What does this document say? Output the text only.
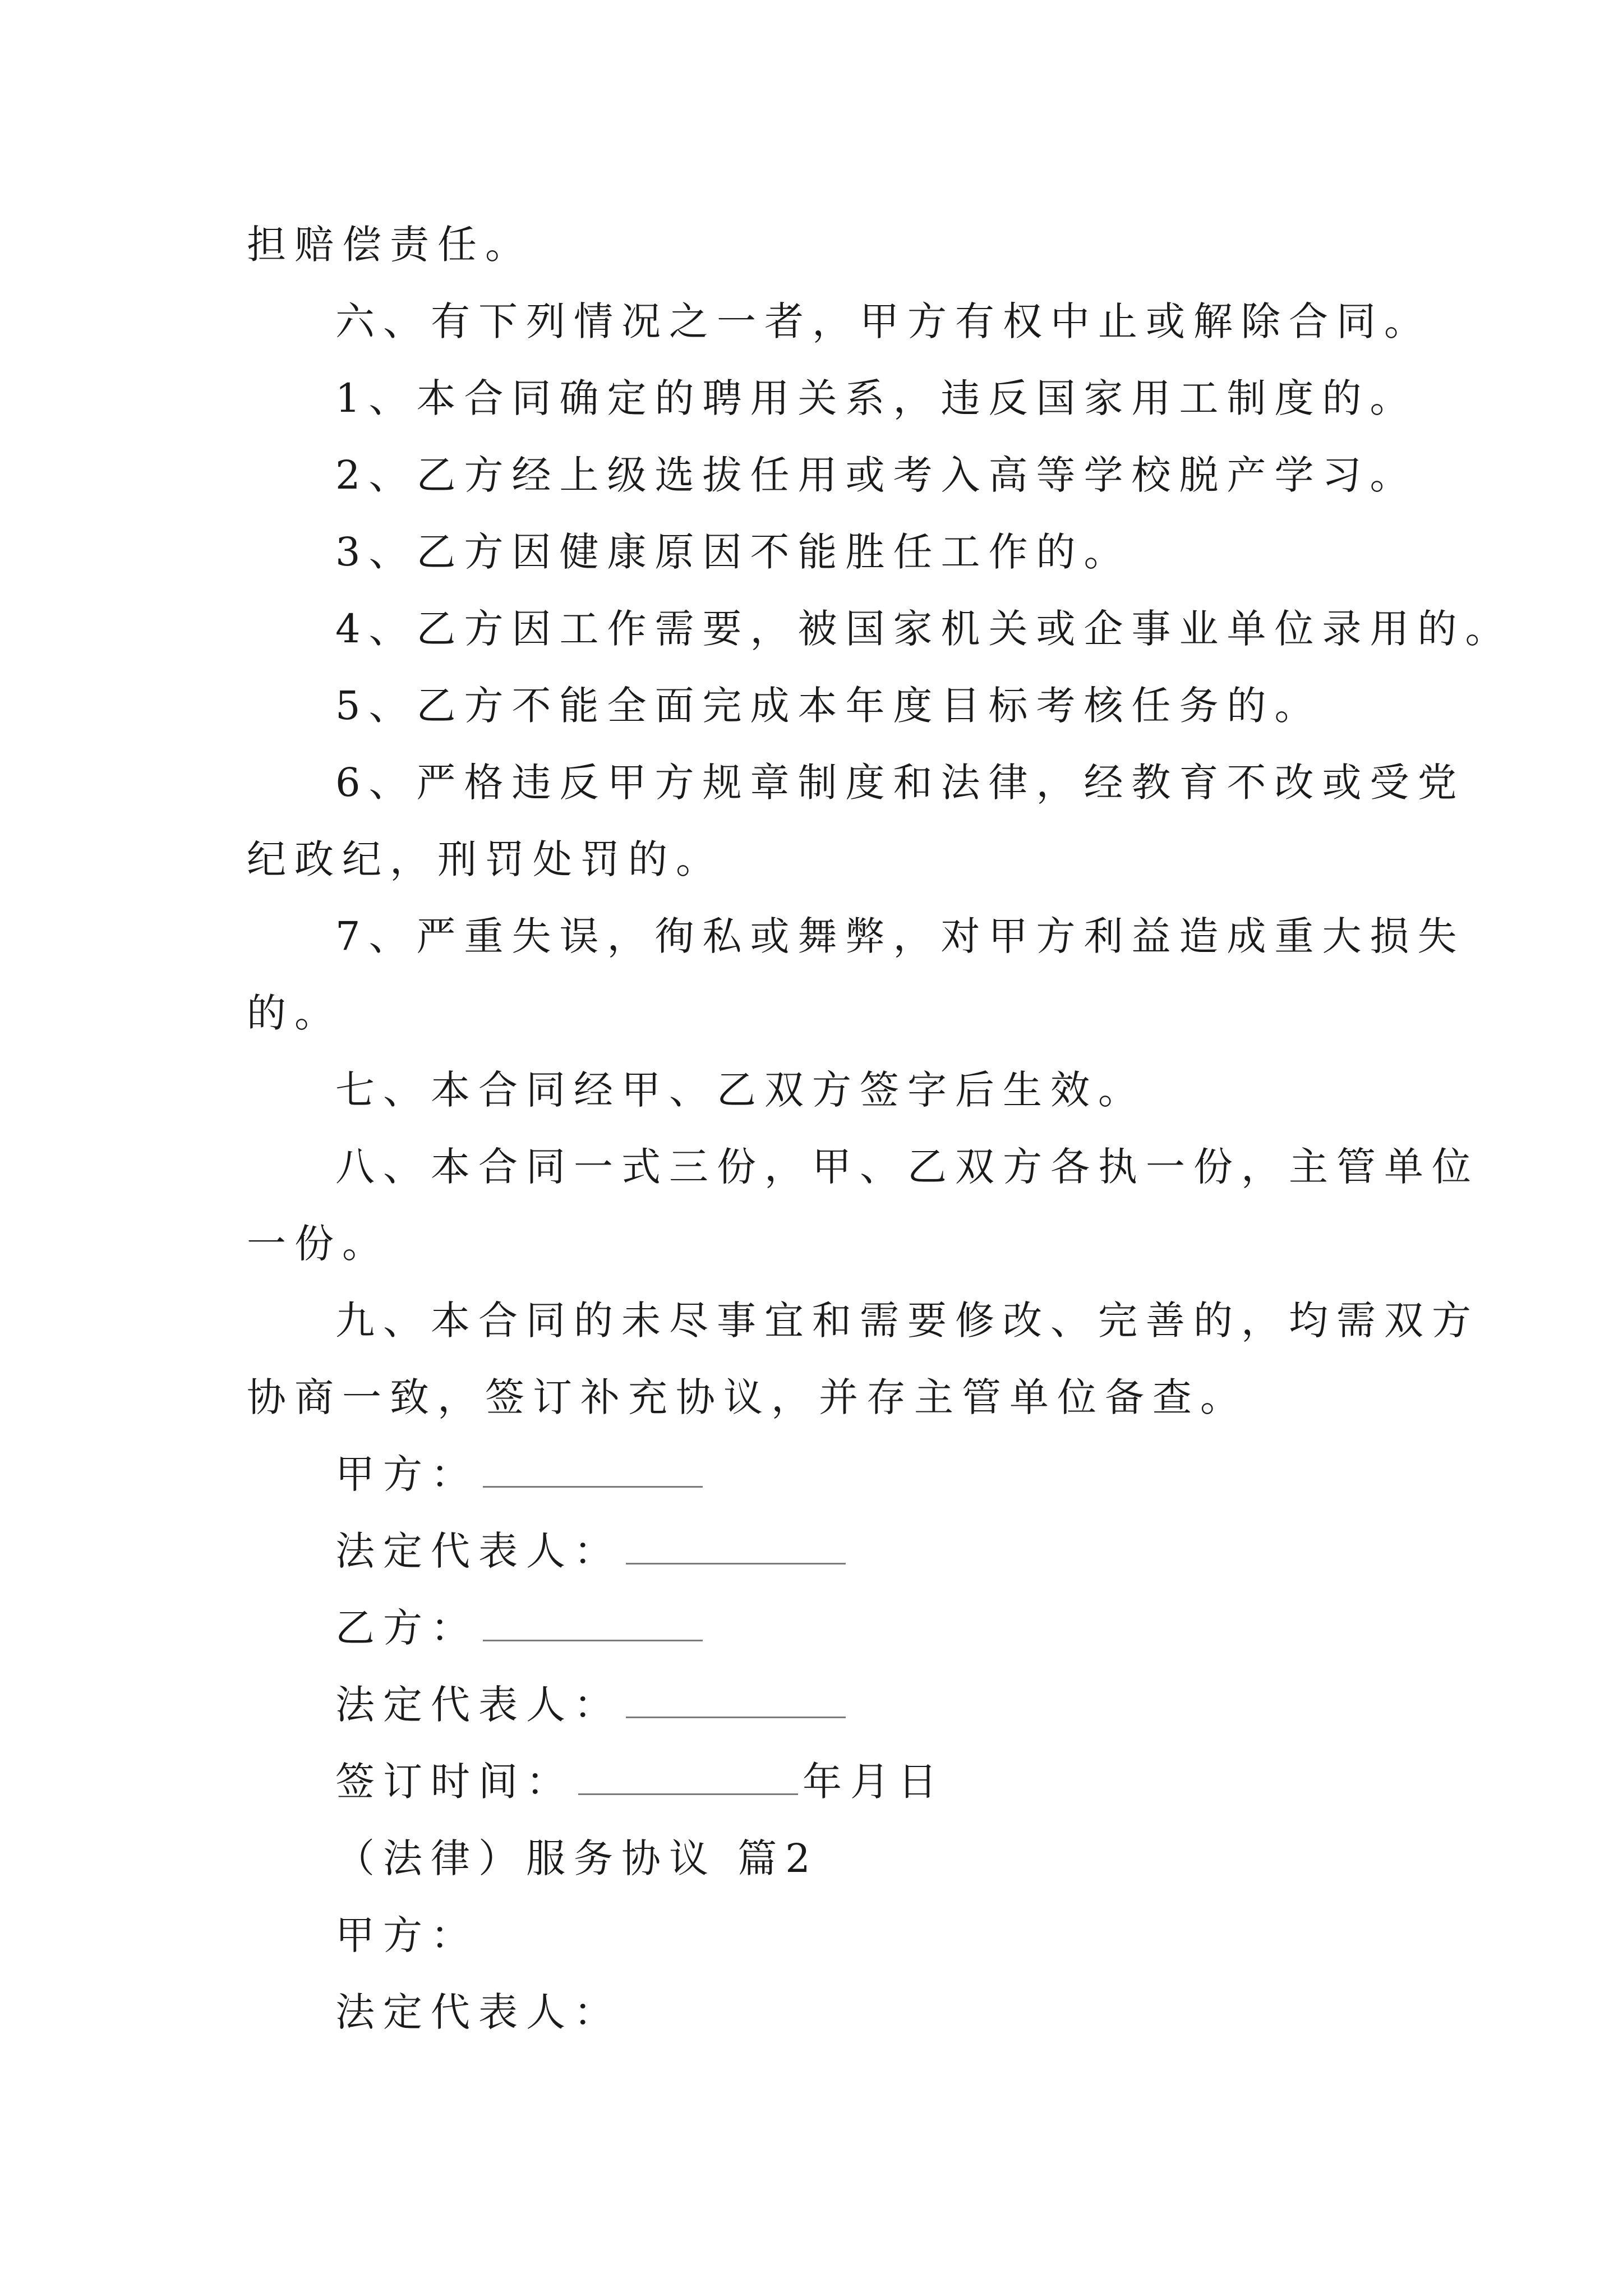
担赔偿责任。
六、有下列情况之一者，甲方有权中止或解除合同。
1、本合同确定的聘用关系，违反国家用工制度的。
2、乙方经上级选拔任用或考入高等学校脱产学习。
3、乙方因健康原因不能胜任工作的。
4、乙方因工作需要，被国家机关或企事业单位录用的。
5、乙方不能全面完成本年度目标考核任务的。
6、严格违反甲方规章制度和法律，经教育不改或受党
纪政纪，刑罚处罚的。
7、严重失误，徇私或舞弊，对甲方利益造成重大损失
的。
七、本合同经甲、乙双方签字后生效。
八、本合同一式三份，甲、乙双方各执一份，主管单位
一份。
九、本合同的未尽事宜和需要修改、完善的，均需双方
协商一致，签订补充协议，并存主管单位备查。
甲方：
法定代表人：
乙方：
法定代表人：
签订时间：	年月日
（法律）服务协议 篇2
甲方：
法定代表人：
